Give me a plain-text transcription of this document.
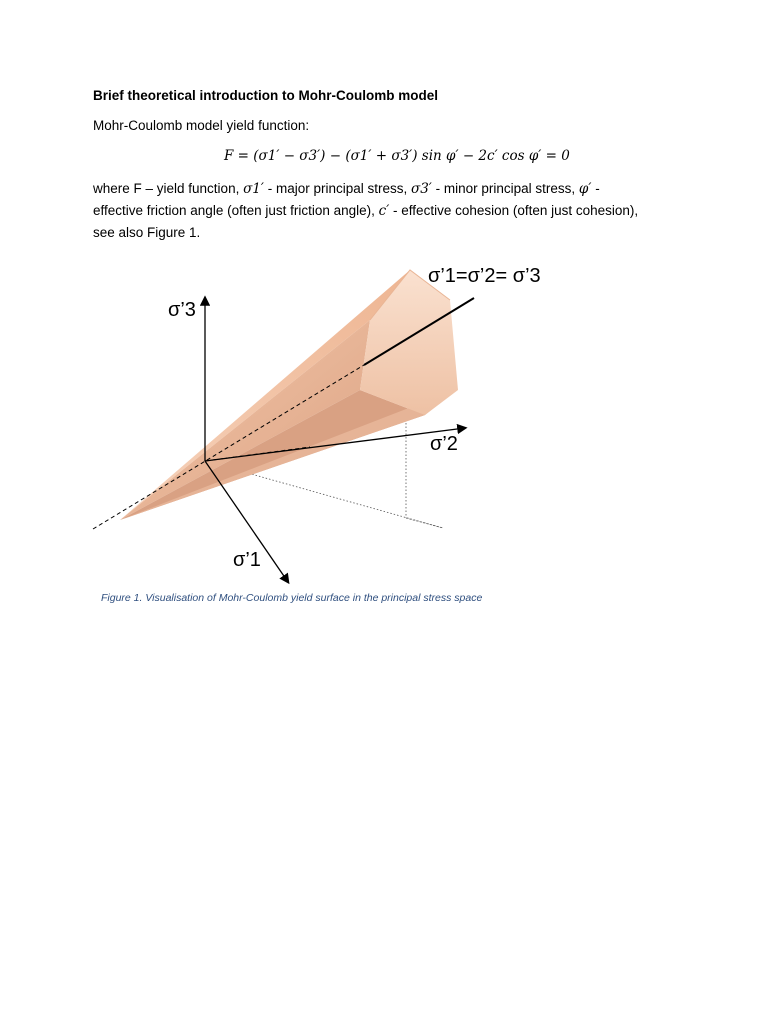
Brief theoretical introduction to Mohr-Coulomb model
Mohr-Coulomb model yield function:
F = (σ1′ − σ3′) − (σ1′ + σ3′) sin φ′ − 2c′ cos φ′ = 0
where F – yield function, σ1′ - major principal stress, σ3′ - minor principal stress, φ′ - effective friction angle (often just friction angle), c′ - effective cohesion (often just cohesion), see also Figure 1.
σ’3
σ’2
σ’1
σ’1=σ’2= σ’3
Figure 1. Visualisation of Mohr-Coulomb yield surface in the principal stress space
